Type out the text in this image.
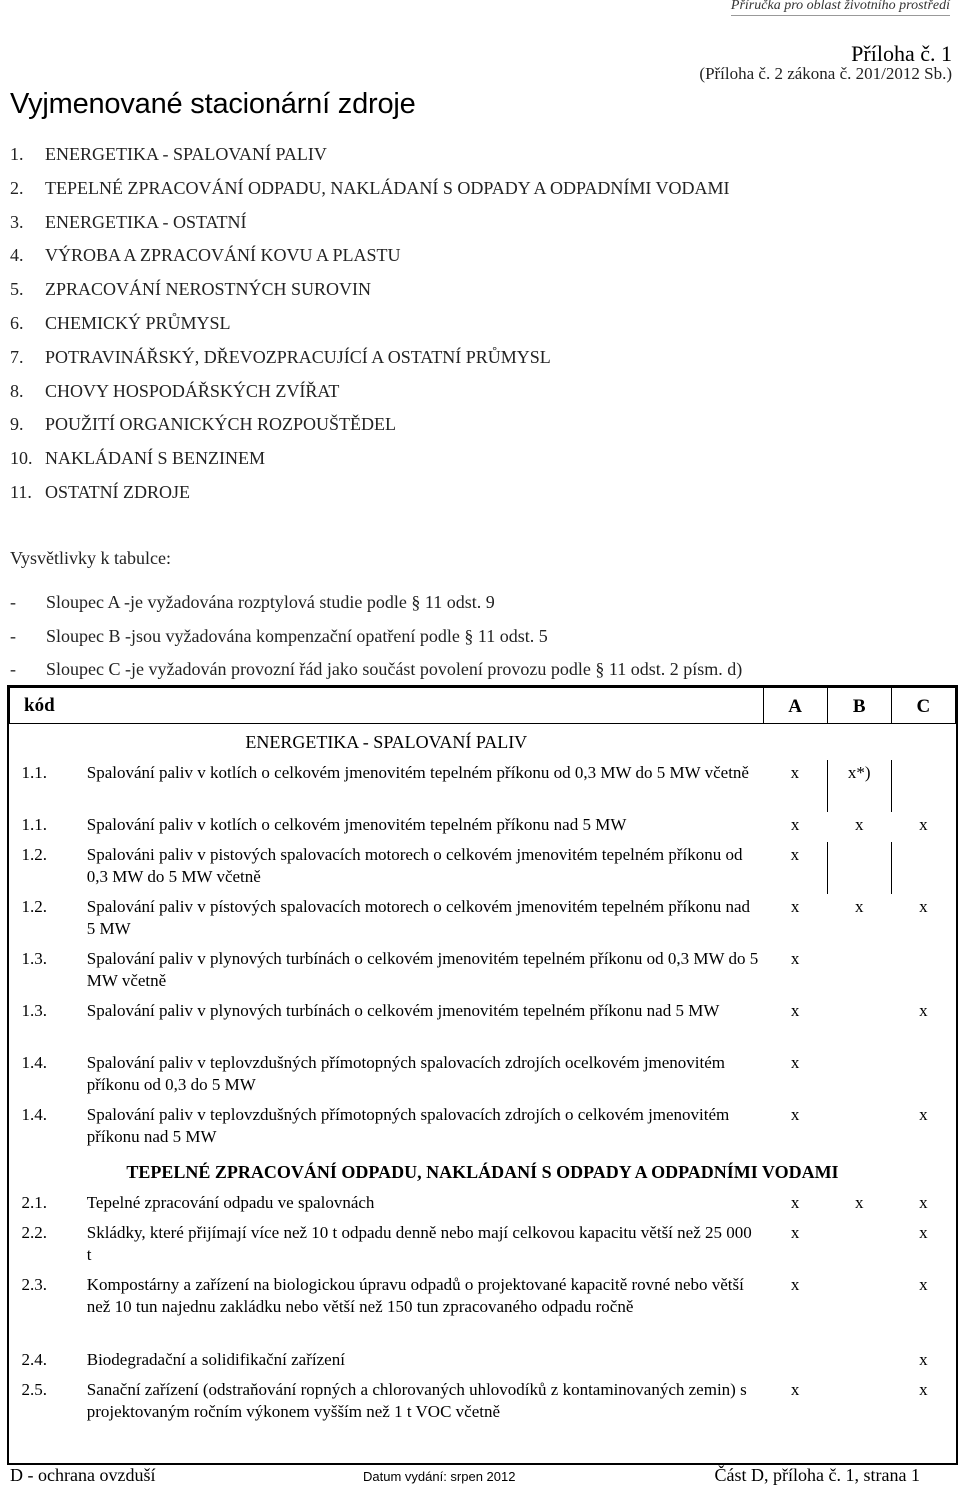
Příručka pro oblast životního prostředí
Příloha č. 1
(Příloha č. 2 zákona č. 201/2012 Sb.)
Vyjmenované stacionární zdroje
1. ENERGETIKA - SPALOVANÍ PALIV
2. TEPELNÉ ZPRACOVÁNÍ ODPADU, NAKLÁDANÍ S ODPADY A ODPADNÍMI VODAMI
3. ENERGETIKA - OSTATNÍ
4. VÝROBA A ZPRACOVÁNÍ KOVU A PLASTU
5. ZPRACOVÁNÍ NEROSTNÝCH SUROVIN
6. CHEMICKÝ PRŮMYSL
7. POTRAVINÁŘSKÝ, DŘEVOZPRACUJÍCÍ A OSTATNÍ PRŮMYSL
8. CHOVY HOSPODÁŘSKÝCH ZVÍŘAT
9. POUŽITÍ ORGANICKÝCH ROZPOUŠTĚDEL
10. NAKLÁDANÍ S BENZINEM
11. OSTATNÍ ZDROJE
Vysvětlivky k tabulce:
- Sloupec A -je vyžadována rozptylová studie podle § 11 odst. 9
- Sloupec B -jsou vyžadována kompenzační opatření podle § 11 odst. 5
- Sloupec C -je vyžadován provozní řád jako součást povolení provozu podle § 11 odst. 2 písm. d)
kód		A	B	C
ENERGETIKA - SPALOVANÍ PALIV				
1.1.	Spalování paliv v kotlích o celkovém jmenovitém tepelném příkonu od 0,3 MW do 5 MW včetně	x	x*)	
1.1.	Spalování paliv v kotlích o celkovém jmenovitém tepelném příkonu nad 5 MW	x	x	x
1.2.	Spalováni paliv v pistových spalovacích motorech o celkovém jmenovitém tepelném příkonu od 0,3 MW do 5 MW včetně	x		
1.2.	Spalování paliv v pístových spalovacích motorech o celkovém jmenovitém tepelném příkonu nad 5 MW	x	x	x
1.3.	Spalování paliv v plynových turbínách o celkovém jmenovitém tepelném příkonu od 0,3 MW do 5 MW včetně	x		
1.3.	Spalování paliv v plynových turbínách o celkovém jmenovitém tepelném příkonu nad 5 MW	x		x
1.4.	Spalování paliv v teplovzdušných přímotopných spalovacích zdrojích ocelkovém jmenovitém příkonu od 0,3 do 5 MW	x		
1.4.	Spalování paliv v teplovzdušných přímotopných spalovacích zdrojích o celkovém jmenovitém příkonu nad 5 MW	x		x
TEPELNÉ ZPRACOVÁNÍ ODPADU, NAKLÁDANÍ S ODPADY A ODPADNÍMI VODAMI				
2.1.	Tepelné zpracování odpadu ve spalovnách	x	x	x
2.2.	Skládky, které přijímají více než 10 t odpadu denně nebo mají celkovou kapacitu větší než 25 000 t	x		x
2.3.	Kompostárny a zařízení na biologickou úpravu odpadů o projektované kapacitě rovné nebo větší než 10 tun najednu zakládku nebo větší než 150 tun zpracovaného odpadu ročně	x		x
2.4.	Biodegradační a solidifikační zařízení			x
2.5.	Sanační zařízení (odstraňování ropných a chlorovaných uhlovodíků z kontaminovaných zemin) s projektovaným ročním výkonem vyšším než 1 t VOC včetně	x		x
D - ochrana ovzduší	Datum vydání: srpen 2012	Část D, příloha č. 1, strana 1
